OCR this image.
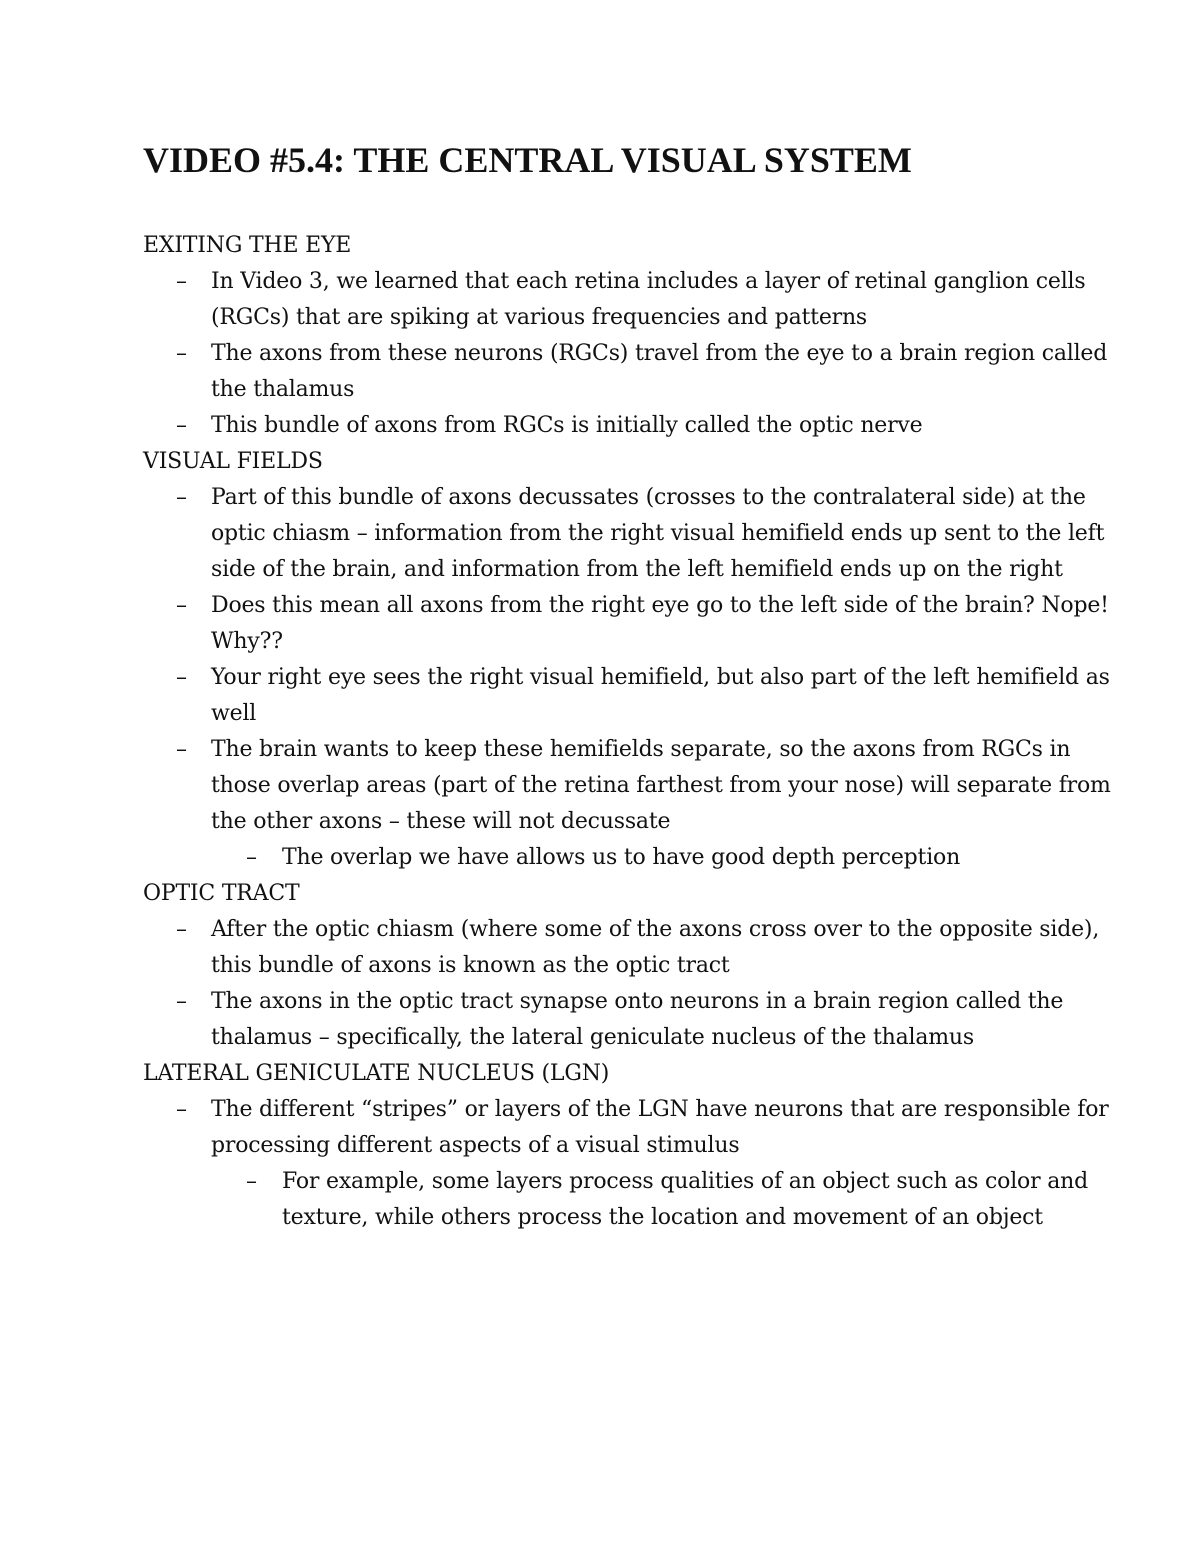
VIDEO #5.4: THE CENTRAL VISUAL SYSTEM
EXITING THE EYE

– In Video 3, we learned that each retina includes a layer of retinal ganglion cells (RGCs) that are spiking at various frequencies and patterns

– The axons from these neurons (RGCs) travel from the eye to a brain region called the thalamus

– This bundle of axons from RGCs is initially called the optic nerve

VISUAL FIELDS

– Part of this bundle of axons decussates (crosses to the contralateral side) at the optic chiasm – information from the right visual hemifield ends up sent to the left side of the brain, and information from the left hemifield ends up on the right

– Does this mean all axons from the right eye go to the left side of the brain? Nope! Why??

– Your right eye sees the right visual hemifield, but also part of the left hemifield as well

– The brain wants to keep these hemifields separate, so the axons from RGCs in those overlap areas (part of the retina farthest from your nose) will separate from the other axons – these will not decussate

– The overlap we have allows us to have good depth perception

OPTIC TRACT

– After the optic chiasm (where some of the axons cross over to the opposite side), this bundle of axons is known as the optic tract

– The axons in the optic tract synapse onto neurons in a brain region called the thalamus – specifically, the lateral geniculate nucleus of the thalamus

LATERAL GENICULATE NUCLEUS (LGN)

– The different “stripes” or layers of the LGN have neurons that are responsible for processing different aspects of a visual stimulus

– For example, some layers process qualities of an object such as color and texture, while others process the location and movement of an object
